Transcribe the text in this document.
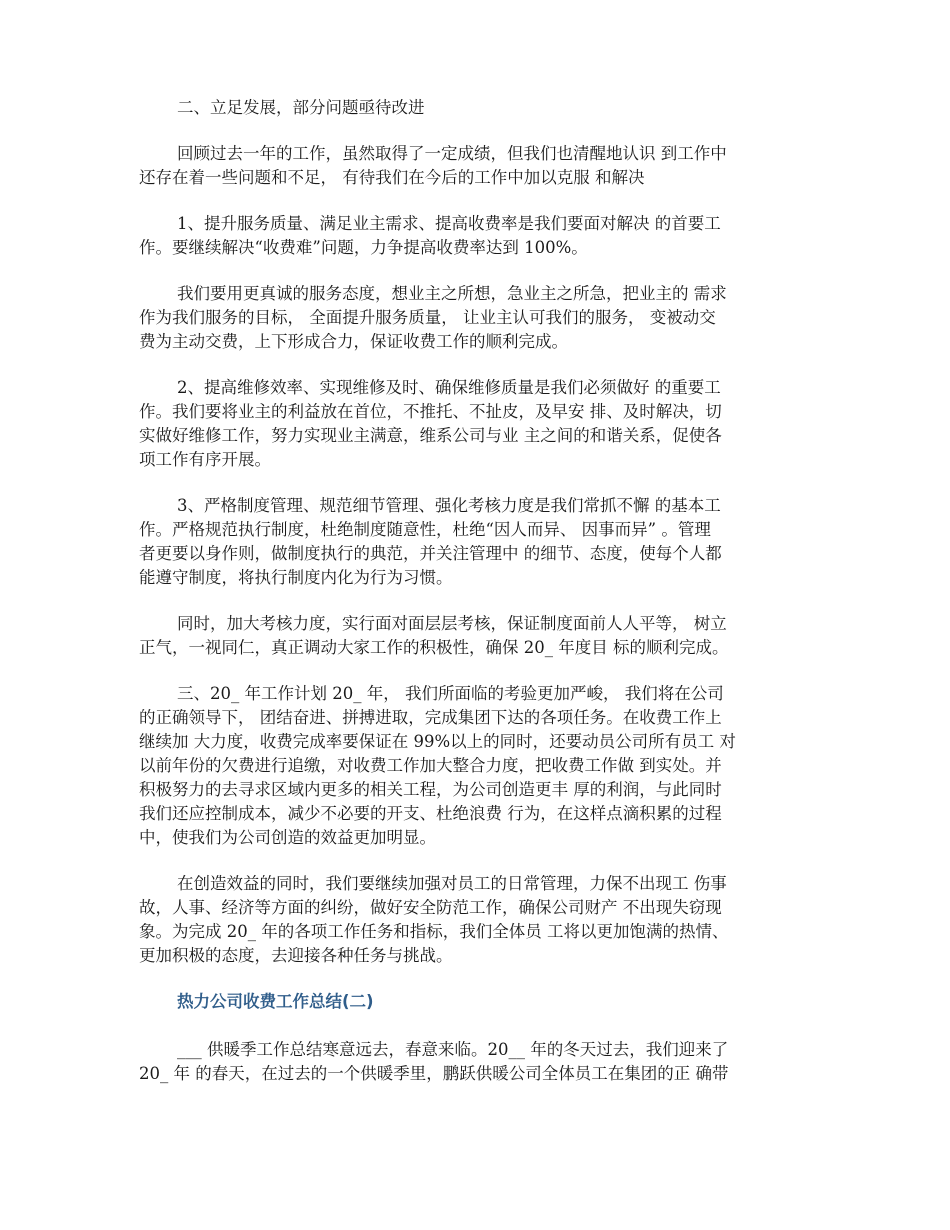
二、立足发展，部分问题亟待改进

回顾过去一年的工作，虽然取得了一定成绩，但我们也清醒地认识 到工作中
还存在着一些问题和不足， 有待我们在今后的工作中加以克服 和解决

1、提升服务质量、满足业主需求、提高收费率是我们要面对解决 的首要工
作。要继续解决“收费难”问题，力争提高收费率达到 100%。

我们要用更真诚的服务态度，想业主之所想，急业主之所急，把业主的 需求
作为我们服务的目标， 全面提升服务质量， 让业主认可我们的服务， 变被动交
费为主动交费，上下形成合力，保证收费工作的顺利完成。

2、提高维修效率、实现维修及时、确保维修质量是我们必须做好 的重要工
作。我们要将业主的利益放在首位，不推托、不扯皮，及早安 排、及时解决，切
实做好维修工作，努力实现业主满意，维系公司与业 主之间的和谐关系，促使各
项工作有序开展。

3、严格制度管理、规范细节管理、强化考核力度是我们常抓不懈 的基本工
作。严格规范执行制度，杜绝制度随意性，杜绝“因人而异、 因事而异” 。管理
者更要以身作则，做制度执行的典范，并关注管理中 的细节、态度，使每个人都
能遵守制度，将执行制度内化为行为习惯。

同时，加大考核力度，实行面对面层层考核，保证制度面前人人平等， 树立
正气，一视同仁，真正调动大家工作的积极性，确保 20_ 年度目 标的顺利完成。

三、20_ 年工作计划 20_ 年， 我们所面临的考验更加严峻， 我们将在公司
的正确领导下， 团结奋进、拼搏进取，完成集团下达的各项任务。在收费工作上
继续加 大力度，收费完成率要保证在 99%以上的同时，还要动员公司所有员工 对
以前年份的欠费进行追缴，对收费工作加大整合力度，把收费工作做 到实处。并
积极努力的去寻求区域内更多的相关工程，为公司创造更丰 厚的利润，与此同时
我们还应控制成本，减少不必要的开支、杜绝浪费 行为，在这样点滴积累的过程
中，使我们为公司创造的效益更加明显。

在创造效益的同时，我们要继续加强对员工的日常管理，力保不出现工 伤事
故，人事、经济等方面的纠纷，做好安全防范工作，确保公司财产 不出现失窃现
象。为完成 20_ 年的各项工作任务和指标，我们全体员 工将以更加饱满的热情、
更加积极的态度，去迎接各种任务与挑战。

热力公司收费工作总结(二)

___ 供暖季工作总结寒意远去，春意来临。20__ 年的冬天过去，我们迎来了
20_ 年 的春天，在过去的一个供暖季里，鹏跃供暖公司全体员工在集团的正 确带
